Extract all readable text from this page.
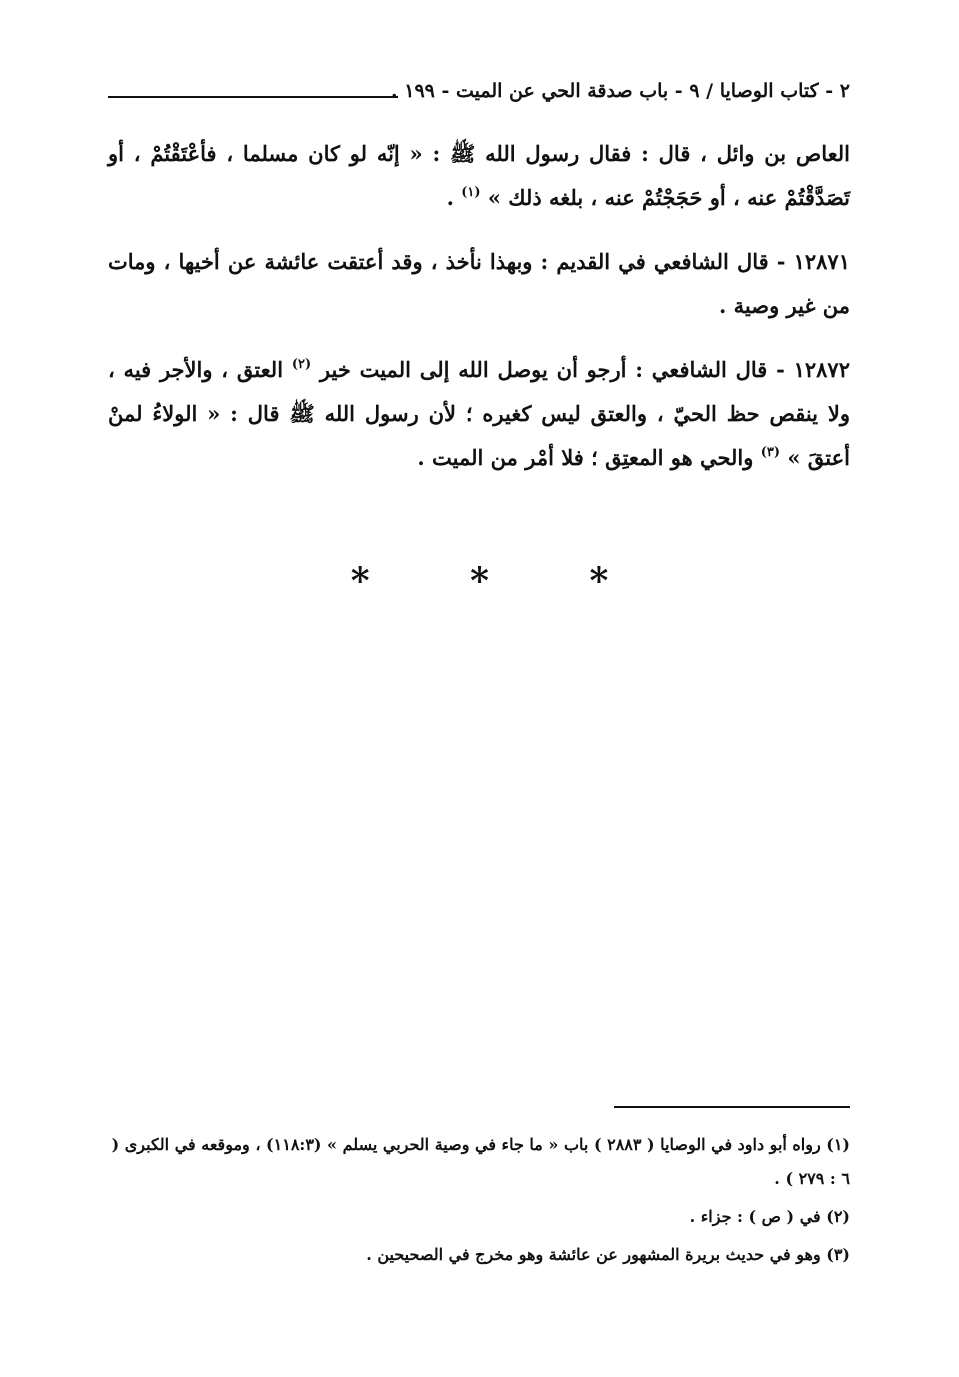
٢ - كتاب الوصايا / ٩ - باب صدقة الحي عن الميت - ١٩٩ .

العاص بن وائل ، قال : فقال رسول الله ﷺ : « إنّه لو كان مسلما ، فأعْتَقْتُمْ ، أو تَصَدَّقْتُمْ عنه ، أو حَجَجْتُمْ عنه ، بلغه ذلك » $^{(١)}$ .

١٢٨٧١ - قال الشافعي في القديم : وبهذا نأخذ ، وقد أعتقت عائشة عن أخيها ، ومات من غير وصية .

١٢٨٧٢ - قال الشافعي : أرجو أن يوصل الله إلى الميت خير $^{(٢)}$ العتق ، والأجر فيه ، ولا ينقص حظ الحيّ ، والعتق ليس كغيره ؛ لأن رسول الله ﷺ قال : « الولاءُ لمنْ أعتقَ » $^{(٣)}$ والحي هو المعتِق ؛ فلا أمْر من الميت .

* * *

(١) رواه أبو داود في الوصايا ( ٢٨٨٣ ) باب « ما جاء في وصية الحربي يسلم » (١١٨:٣) ، وموقعه في الكبرى ( ٦ : ٢٧٩ ) .

(٢) في ( ص ) : جزاء .

(٣) وهو في حديث بريرة المشهور عن عائشة وهو مخرج في الصحيحين .
